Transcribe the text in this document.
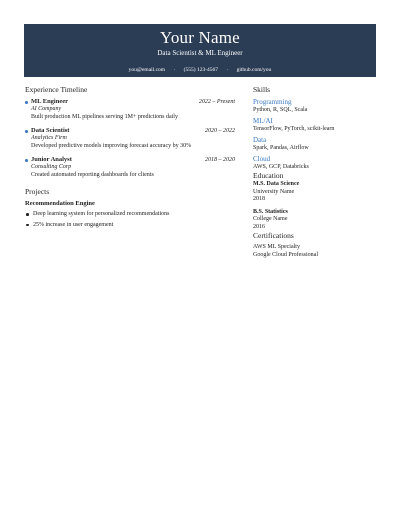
Your Name
Data Scientist & ML Engineer
you@email.com · (555) 123-4567 · github.com/you
Experience Timeline
ML Engineer	2022 – Present
AI Company
Built production ML pipelines serving 1M+ predictions daily
Data Scientist	2020 – 2022
Analytics Firm
Developed predictive models improving forecast accuracy by 30%
Junior Analyst	2018 – 2020
Consulting Corp
Created automated reporting dashboards for clients
Projects
Recommendation Engine
Deep learning system for personalized recommendations
25% increase in user engagement
Skills
Programming
Python, R, SQL, Scala
ML/AI
TensorFlow, PyTorch, scikit-learn
Data
Spark, Pandas, Airflow
Cloud
AWS, GCP, Databricks
Education
M.S. Data Science
University Name
2018
B.S. Statistics
College Name
2016
Certifications
AWS ML Specialty
Google Cloud Professional
